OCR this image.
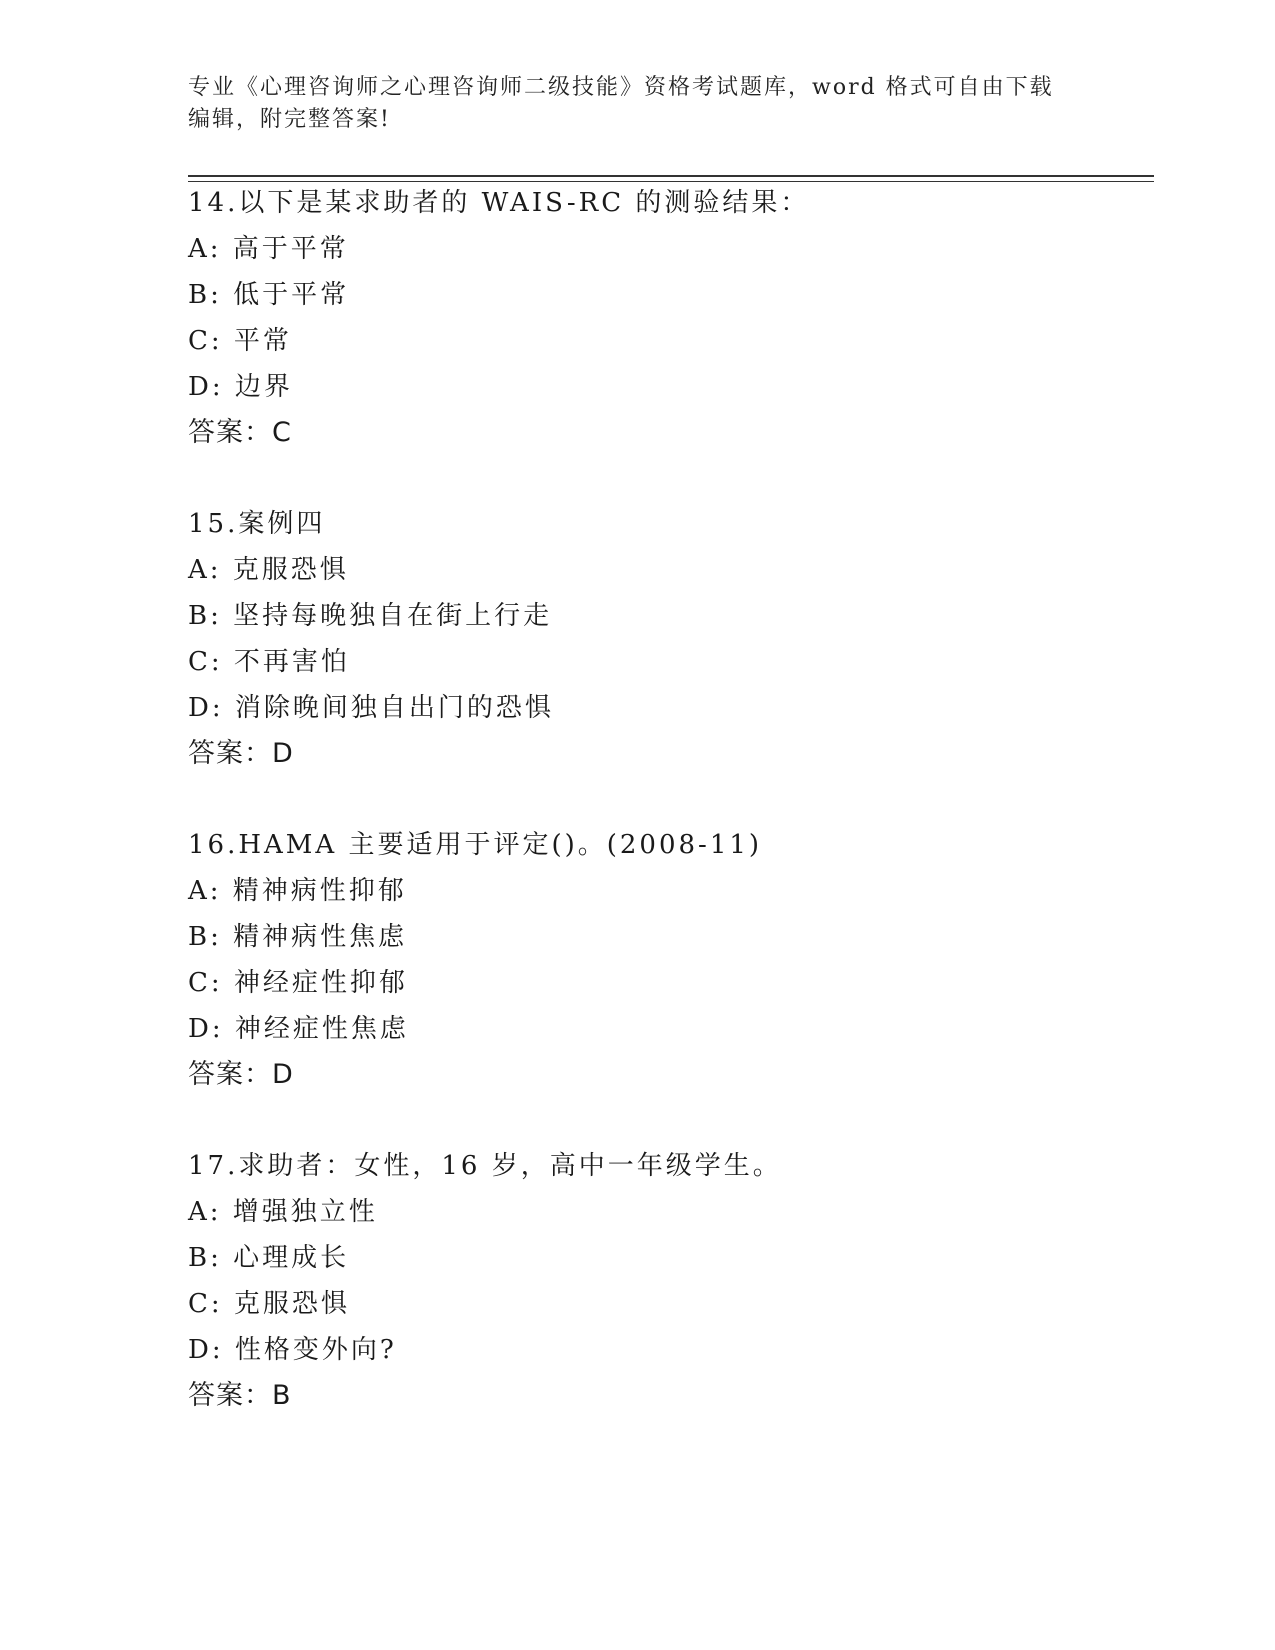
专业《心理咨询师之心理咨询师二级技能》资格考试题库，word 格式可自由下载
编辑，附完整答案!
14.以下是某求助者的 WAIS-RC 的测验结果：
A: 高于平常
B: 低于平常
C: 平常
D: 边界
答案：C
15.案例四
A: 克服恐惧
B: 坚持每晚独自在街上行走
C: 不再害怕
D: 消除晚间独自出门的恐惧
答案：D
16.HAMA 主要适用于评定()。(2008-11)
A: 精神病性抑郁
B: 精神病性焦虑
C: 神经症性抑郁
D: 神经症性焦虑
答案：D
17.求助者：女性，16 岁，高中一年级学生。
A: 增强独立性
B: 心理成长
C: 克服恐惧
D: 性格变外向?
答案：B
